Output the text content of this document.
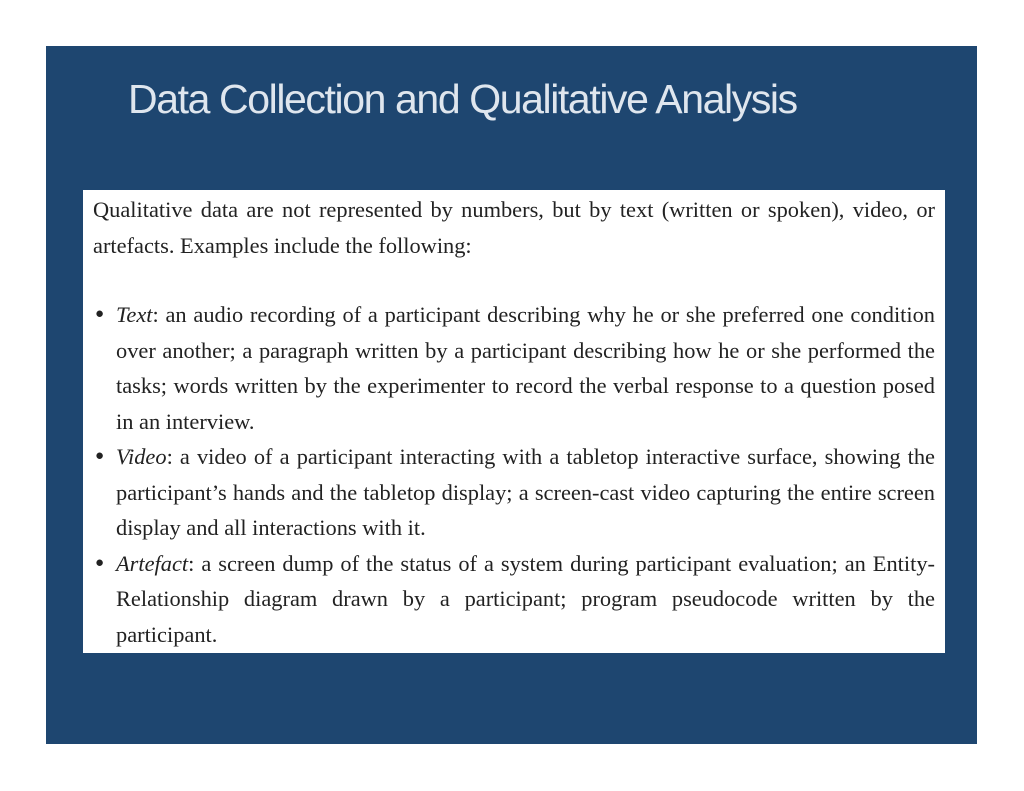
Data Collection and Qualitative Analysis

Qualitative data are not represented by numbers, but by text (written or spoken), video, or artefacts. Examples include the following:

● Text: an audio recording of a participant describing why he or she preferred one condition over another; a paragraph written by a participant describing how he or she performed the tasks; words written by the experimenter to record the verbal response to a question posed in an interview.
● Video: a video of a participant interacting with a tabletop interactive surface, showing the participant’s hands and the tabletop display; a screen-cast video capturing the entire screen display and all interactions with it.
● Artefact: a screen dump of the status of a system during participant evaluation; an Entity-Relationship diagram drawn by a participant; program pseudocode written by the participant.
